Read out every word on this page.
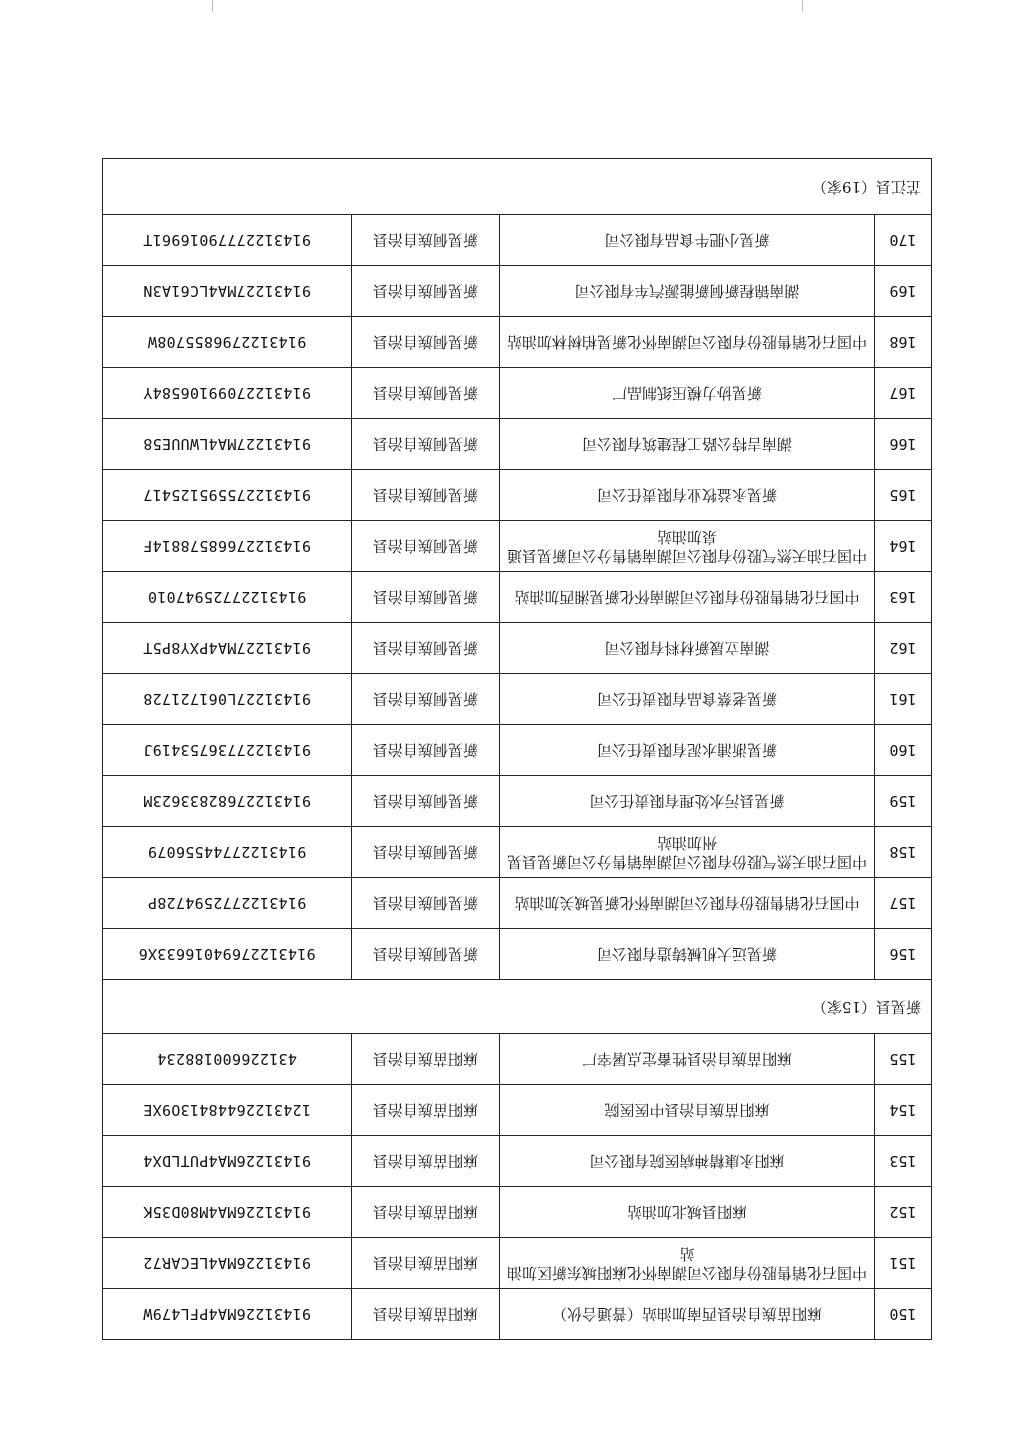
150	麻阳苗族自治县西南加油站（普通合伙）	麻阳苗族自治县	91431226MA4PFL479W
151	中国石化销售股份有限公司湖南怀化麻阳城东新区加油站	麻阳苗族自治县	91431226MA4LECAR72
152	麻阳县城北加油站	麻阳苗族自治县	91431226MA4M80D35K
153	麻阳永康精神病医院有限公司	麻阳苗族自治县	91431226MA4PUTLDX4
154	麻阳苗族自治县中医医院	麻阳苗族自治县	12431226448413O9XE
155	麻阳苗族自治县牲畜定点屠宰厂	麻阳苗族自治县	431226600188234
新晃县（15家）			
156	新晃远大机械铸造有限公司	新晃侗族自治县	91431227694016633X6
157	中国石化销售股份有限公司湖南怀化新晃城关加油站	新晃侗族自治县	91431227725947​28P
158	中国石油天然气股份有限公司湖南销售分公司新晃县晃州加油站	新晃侗族自治县	91431227744556079
159	新晃县污水处理有限责任公司	新晃侗族自治县	91431227682833623M
160	新晃浙浦水泥有限责任公司	新晃侗族自治县	91431227736753419J
161	新晃老蔡食品有限责任公司	新晃侗族自治县	91431227L06172172​8
162	湖南立晟新材料有限公司	新晃侗族自治县	91431227MA4PXY8P5T
163	中国石化销售股份有限公司湖南怀化新晃湘西加油站	新晃侗族自治县	91431227725947010
164	中国石油天然气股份有限公司湖南销售分公司新晃县通泉加油站	新晃侗族自治县	91431227668578814F
165	新晃永益牧业有限责任公司	新晃侗族自治县	91431227559512541​7
166	湖南吉特公路工程建筑有限公司	新晃侗族自治县	91431227MA4LWUUE58
167	新晃协力模压纸制品厂	新晃侗族自治县	91431227099106584Y
168	中国石化销售股份有限公司湖南怀化新晃柏树林加油站	新晃侗族自治县	91431227968557​08W
169	湖南锦程新侗新能源汽车有限公司	新晃侗族自治县	91431227MA4LC61A3N
170	新晃小肥牛食品有限公司	新晃侗族自治县	91431227779016961T
芷江县（19家）			
